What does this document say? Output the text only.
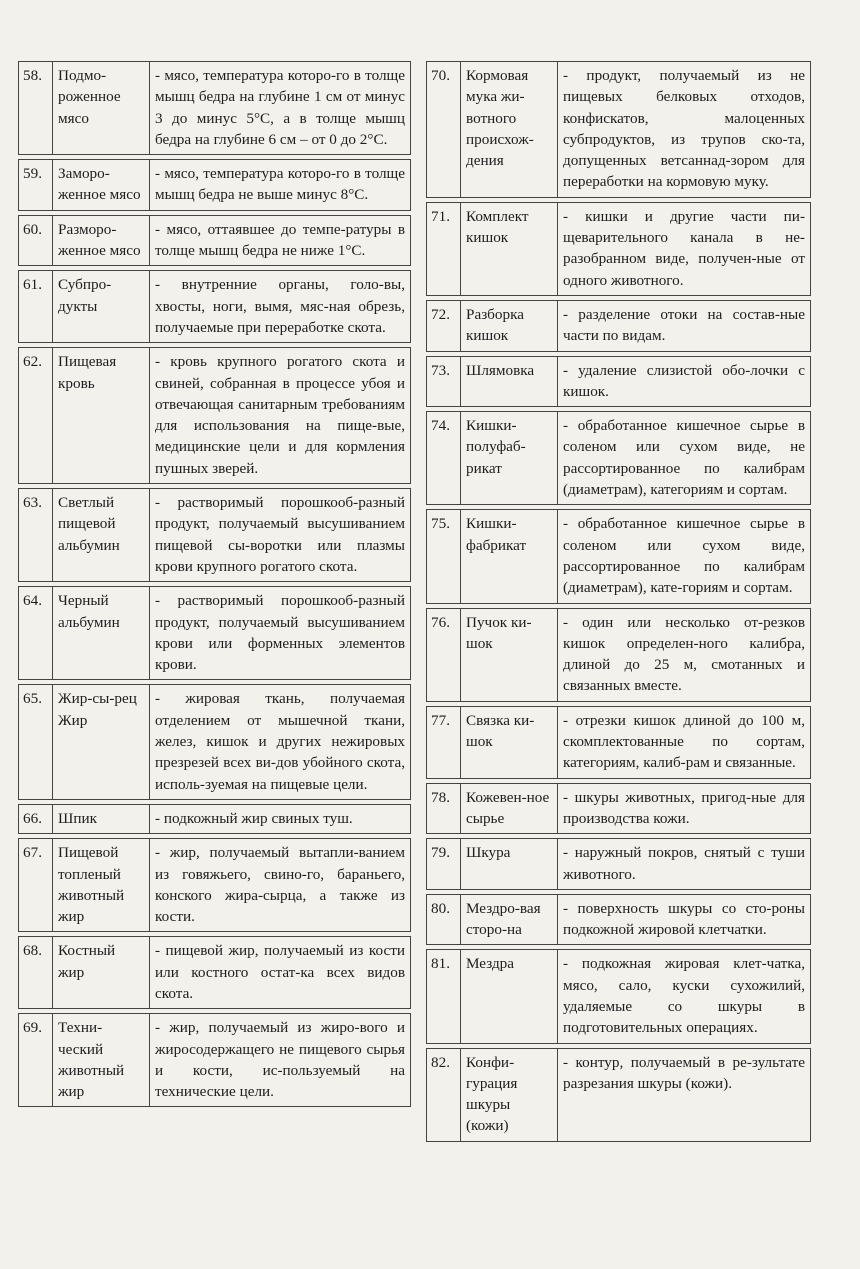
58.	Подмо-роженное мясо	- мясо, температура которо-го в толще мышц бедра на глубине 1 см от минус 3 до минус 5°С, а в толще мышц бедра на глубине 6 см – от 0 до 2°С.
59.	Заморо-женное мясо	- мясо, температура которо-го в толще мышц бедра не выше минус 8°С.
60.	Разморо-женное мясо	- мясо, оттаявшее до темпе-ратуры в толще мышц бедра не ниже 1°С.
61.	Субпро-дукты	- внутренние органы, голо-вы, хвосты, ноги, вымя, мяс-ная обрезь, получаемые при переработке скота.
62.	Пищевая кровь	- кровь крупного рогатого скота и свиней, собранная в процессе убоя и отвечающая санитарным требованиям для использования на пище-вые, медицинские цели и для кормления пушных зверей.
63.	Светлый пищевой альбумин	- растворимый порошкооб-разный продукт, получаемый высушиванием пищевой сы-воротки или плазмы крови крупного рогатого скота.
64.	Черный альбумин	- растворимый порошкооб-разный продукт, получаемый высушиванием крови или форменных элементов крови.
65.	Жир-сы-рец Жир	- жировая ткань, получаемая отделением от мышечной ткани, желез, кишок и других нежировых презрезей всех ви-дов убойного скота, исполь-зуемая на пищевые цели.
66.	Шпик	- подкожный жир свиных туш.
67.	Пищевой топленый животный жир	- жир, получаемый вытапли-ванием из говяжьего, свино-го, бараньего, конского жира-сырца, а также из кости.
68.	Костный жир	- пищевой жир, получаемый из кости или костного остат-ка всех видов скота.
69.	Техни-ческий животный жир	- жир, получаемый из жиро-вого и жиросодержащего не пищевого сырья и кости, ис-пользуемый на технические цели.
70.	Кормовая мука жи-вотного происхож-дения	- продукт, получаемый из не пищевых белковых отходов, конфискатов, малоценных субпродуктов, из трупов ско-та, допущенных ветсаннад-зором для переработки на кормовую муку.
71.	Комплект кишок	- кишки и другие части пи-щеварительного канала в не-разобранном виде, получен-ные от одного животного.
72.	Разборка кишок	- разделение отоки на состав-ные части по видам.
73.	Шлямовка	- удаление слизистой обо-лочки с кишок.
74.	Кишки-полуфаб-рикат	- обработанное кишечное сырье в соленом или сухом виде, не рассортированное по калибрам (диаметрам), категориям и сортам.
75.	Кишки-фабрикат	- обработанное кишечное сырье в соленом или сухом виде, рассортированное по калибрам (диаметрам), кате-гориям и сортам.
76.	Пучок ки-шок	- один или несколько от-резков кишок определен-ного калибра, длиной до 25 м, смотанных и связанных вместе.
77.	Связка ки-шок	- отрезки кишок длиной до 100 м, скомплектованные по сортам, категориям, калиб-рам и связанные.
78.	Кожевен-ное сырье	- шкуры животных, пригод-ные для производства кожи.
79.	Шкура	- наружный покров, снятый с туши животного.
80.	Мездро-вая сторо-на	- поверхность шкуры со сто-роны подкожной жировой клетчатки.
81.	Мездра	- подкожная жировая клет-чатка, мясо, сало, куски сухожилий, удаляемые со шкуры в подготовительных операциях.
82.	Конфи-гурация шкуры (кожи)	- контур, получаемый в ре-зультате разрезания шкуры (кожи).
